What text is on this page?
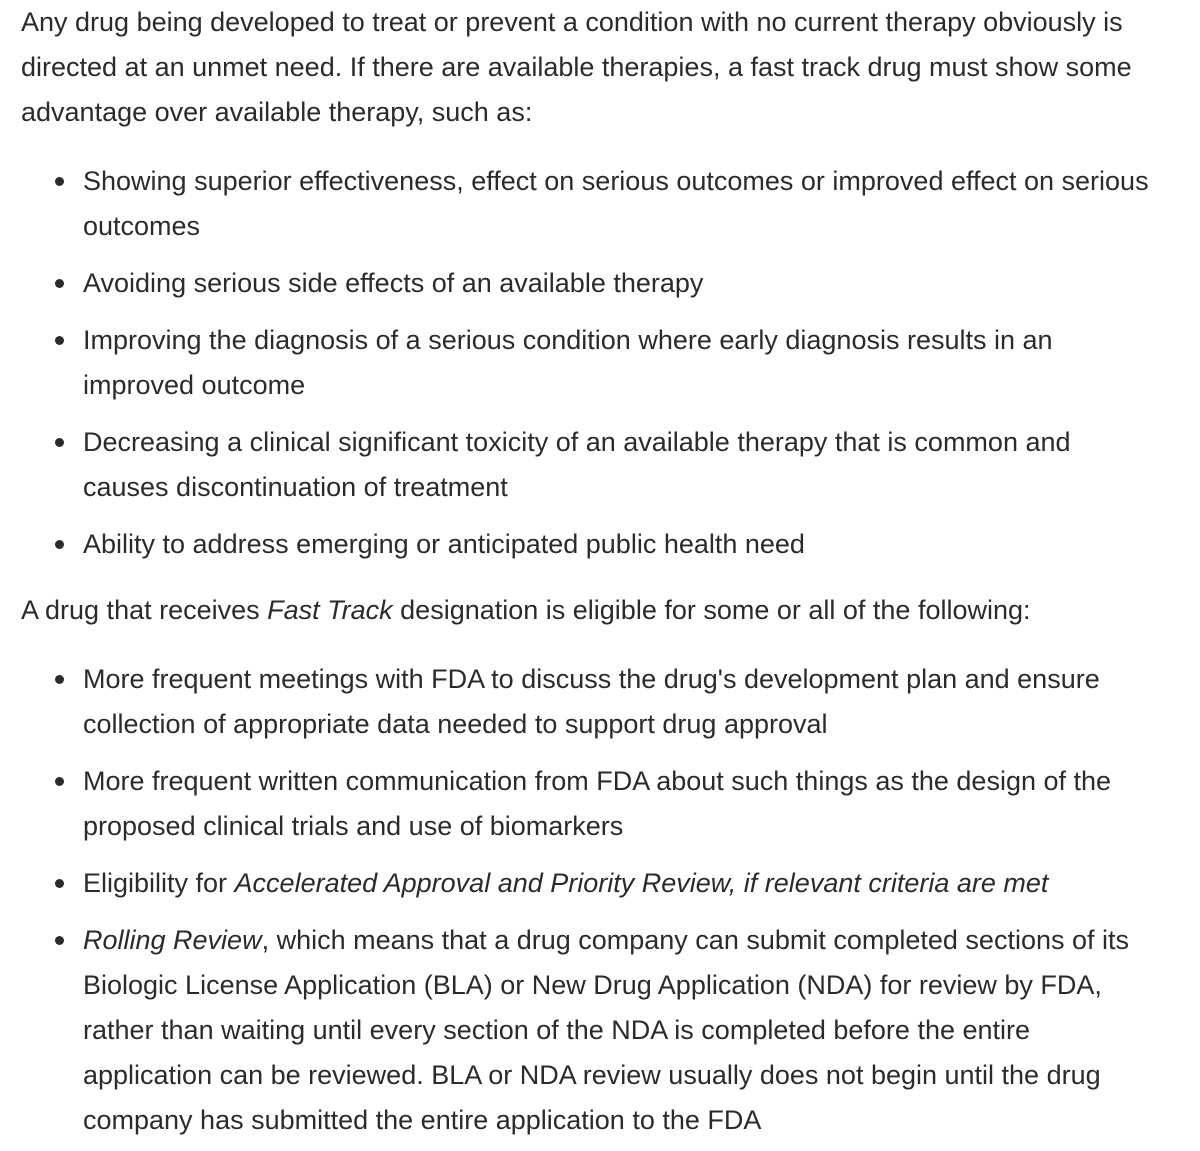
Any drug being developed to treat or prevent a condition with no current therapy obviously is directed at an unmet need. If there are available therapies, a fast track drug must show some advantage over available therapy, such as:

Showing superior effectiveness, effect on serious outcomes or improved effect on serious outcomes
Avoiding serious side effects of an available therapy
Improving the diagnosis of a serious condition where early diagnosis results in an improved outcome
Decreasing a clinical significant toxicity of an available therapy that is common and causes discontinuation of treatment
Ability to address emerging or anticipated public health need

A drug that receives Fast Track designation is eligible for some or all of the following:

More frequent meetings with FDA to discuss the drug's development plan and ensure collection of appropriate data needed to support drug approval
More frequent written communication from FDA about such things as the design of the proposed clinical trials and use of biomarkers
Eligibility for Accelerated Approval and Priority Review, if relevant criteria are met
Rolling Review, which means that a drug company can submit completed sections of its Biologic License Application (BLA) or New Drug Application (NDA) for review by FDA, rather than waiting until every section of the NDA is completed before the entire application can be reviewed. BLA or NDA review usually does not begin until the drug company has submitted the entire application to the FDA
